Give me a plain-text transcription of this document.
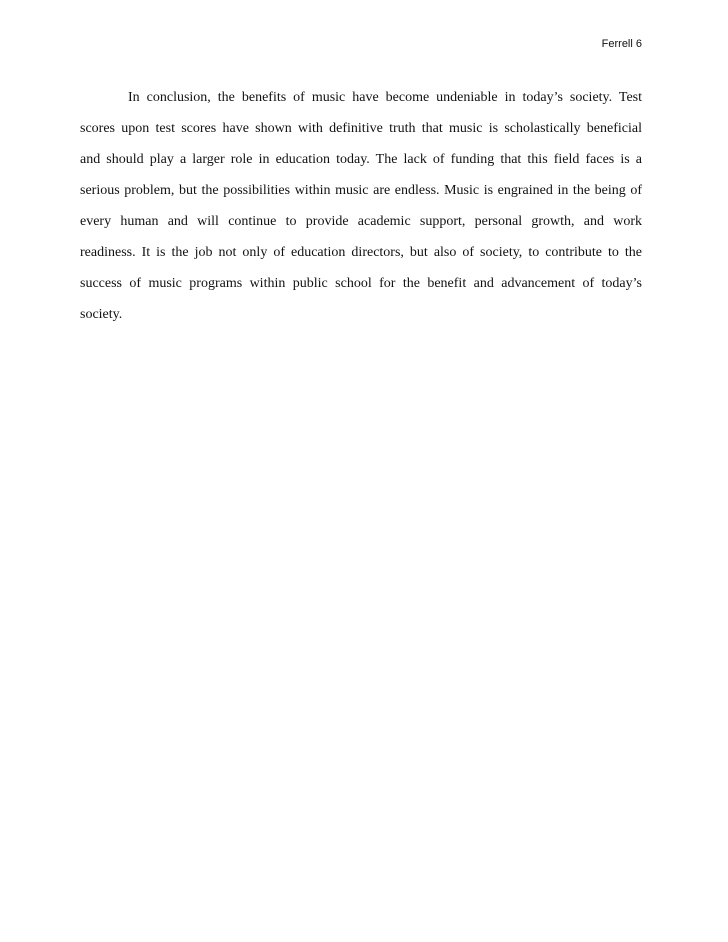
Ferrell 6

In conclusion, the benefits of music have become undeniable in today’s society. Test
scores upon test scores have shown with definitive truth that music is scholastically beneficial
and should play a larger role in education today. The lack of funding that this field faces is a
serious problem, but the possibilities within music are endless. Music is engrained in the being of
every human and will continue to provide academic support, personal growth, and work
readiness. It is the job not only of education directors, but also of society, to contribute to the
success of music programs within public school for the benefit and advancement of today’s
society.
